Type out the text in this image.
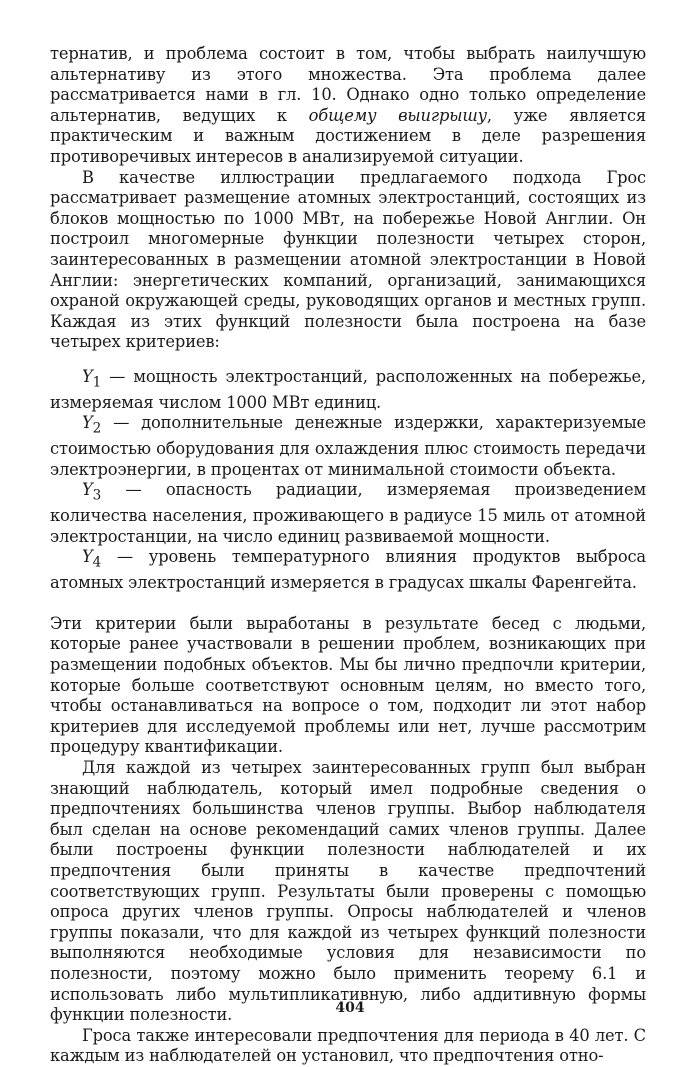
тернатив, и проблема состоит в том, чтобы выбрать наилучшую альтернативу из этого множества. Эта проблема далее рассматривается нами в гл. 10. Однако одно только определение альтернатив, ведущих к общему выигрышу, уже является практическим и важным достижением в деле разрешения противоречивых интересов в анализируемой ситуации.

В качестве иллюстрации предлагаемого подхода Грос рассматривает размещение атомных электростанций, состоящих из блоков мощностью по 1000 МВт, на побережье Новой Англии. Он построил многомерные функции полезности четырех сторон, заинтересованных в размещении атомной электростанции в Новой Англии: энергетических компаний, организаций, занимающихся охраной окружающей среды, руководящих органов и местных групп. Каждая из этих функций полезности была построена на базе четырех критериев:

$Y_1$ — мощность электростанций, расположенных на побережье, измеряемая числом 1000 МВт единиц.

$Y_2$ — дополнительные денежные издержки, характеризуемые стоимостью оборудования для охлаждения плюс стоимость передачи электроэнергии, в процентах от минимальной стоимости объекта.

$Y_3$ — опасность радиации, измеряемая произведением количества населения, проживающего в радиусе 15 миль от атомной электростанции, на число единиц развиваемой мощности.

$Y_4$ — уровень температурного влияния продуктов выброса атомных электростанций измеряется в градусах шкалы Фаренгейта.

Эти критерии были выработаны в результате бесед с людьми, которые ранее участвовали в решении проблем, возникающих при размещении подобных объектов. Мы бы лично предпочли критерии, которые больше соответствуют основным целям, но вместо того, чтобы останавливаться на вопросе о том, подходит ли этот набор критериев для исследуемой проблемы или нет, лучше рассмотрим процедуру квантификации.

Для каждой из четырех заинтересованных групп был выбран знающий наблюдатель, который имел подробные сведения о предпочтениях большинства членов группы. Выбор наблюдателя был сделан на основе рекомендаций самих членов группы. Далее были построены функции полезности наблюдателей и их предпочтения были приняты в качестве предпочтений соответствующих групп. Результаты были проверены с помощью опроса других членов группы. Опросы наблюдателей и членов группы показали, что для каждой из четырех функций полезности выполняются необходимые условия для независимости по полезности, поэтому можно было применить теорему 6.1 и использовать либо мультипликативную, либо аддитивную формы функции полезности.

Гроса также интересовали предпочтения для периода в 40 лет. С каждым из наблюдателей он установил, что предпочтения отно-

404
